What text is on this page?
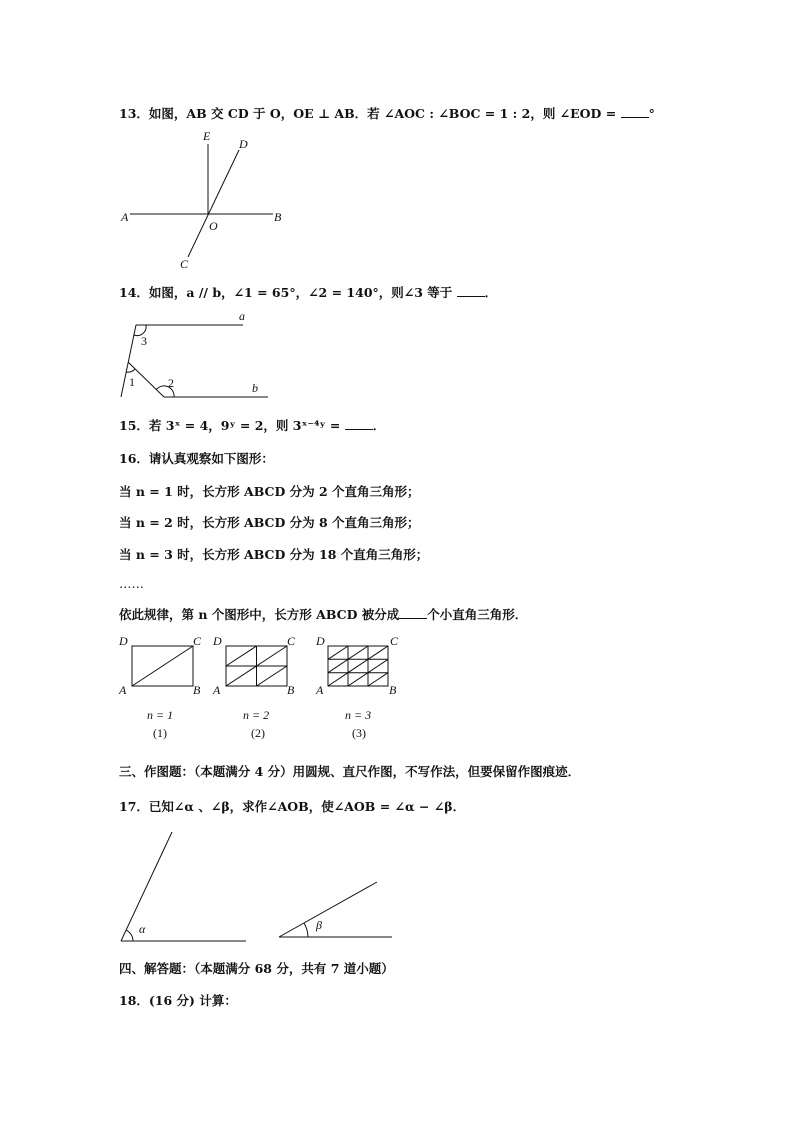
13．如图，AB 交 CD 于 O，OE ⊥ AB．若 ∠AOC : ∠BOC = 1 : 2，则 ∠EOD =	°
E
D
A	B
O
C
a
b
3
1	2
D	C
A	B
n = 1
(1)
D	C
A	B
n = 2
(2)
D	C
A	B
n = 3
(3)
α	β
14．如图，a // b，∠1 = 65°，∠2 = 140°，则∠3 等于	．
15．若 3ˣ = 4，9ʸ = 2，则 3ˣ⁻⁴ʸ =	．
16．请认真观察如下图形：
当 n = 1 时，长方形 ABCD 分为 2 个直角三角形；
当 n = 2 时，长方形 ABCD 分为 8 个直角三角形；
当 n = 3 时，长方形 ABCD 分为 18 个直角三角形；
……
依此规律，第 n 个图形中，长方形 ABCD 被分成 个小直角三角形．
三、作图题：（本题满分 4 分）用圆规、直尺作图，不写作法，但要保留作图痕迹．
17．已知∠α 、∠β，求作∠AOB，使∠AOB = ∠α − ∠β．
四、解答题：（本题满分 68 分，共有 7 道小题）
18．(16 分) 计算：
